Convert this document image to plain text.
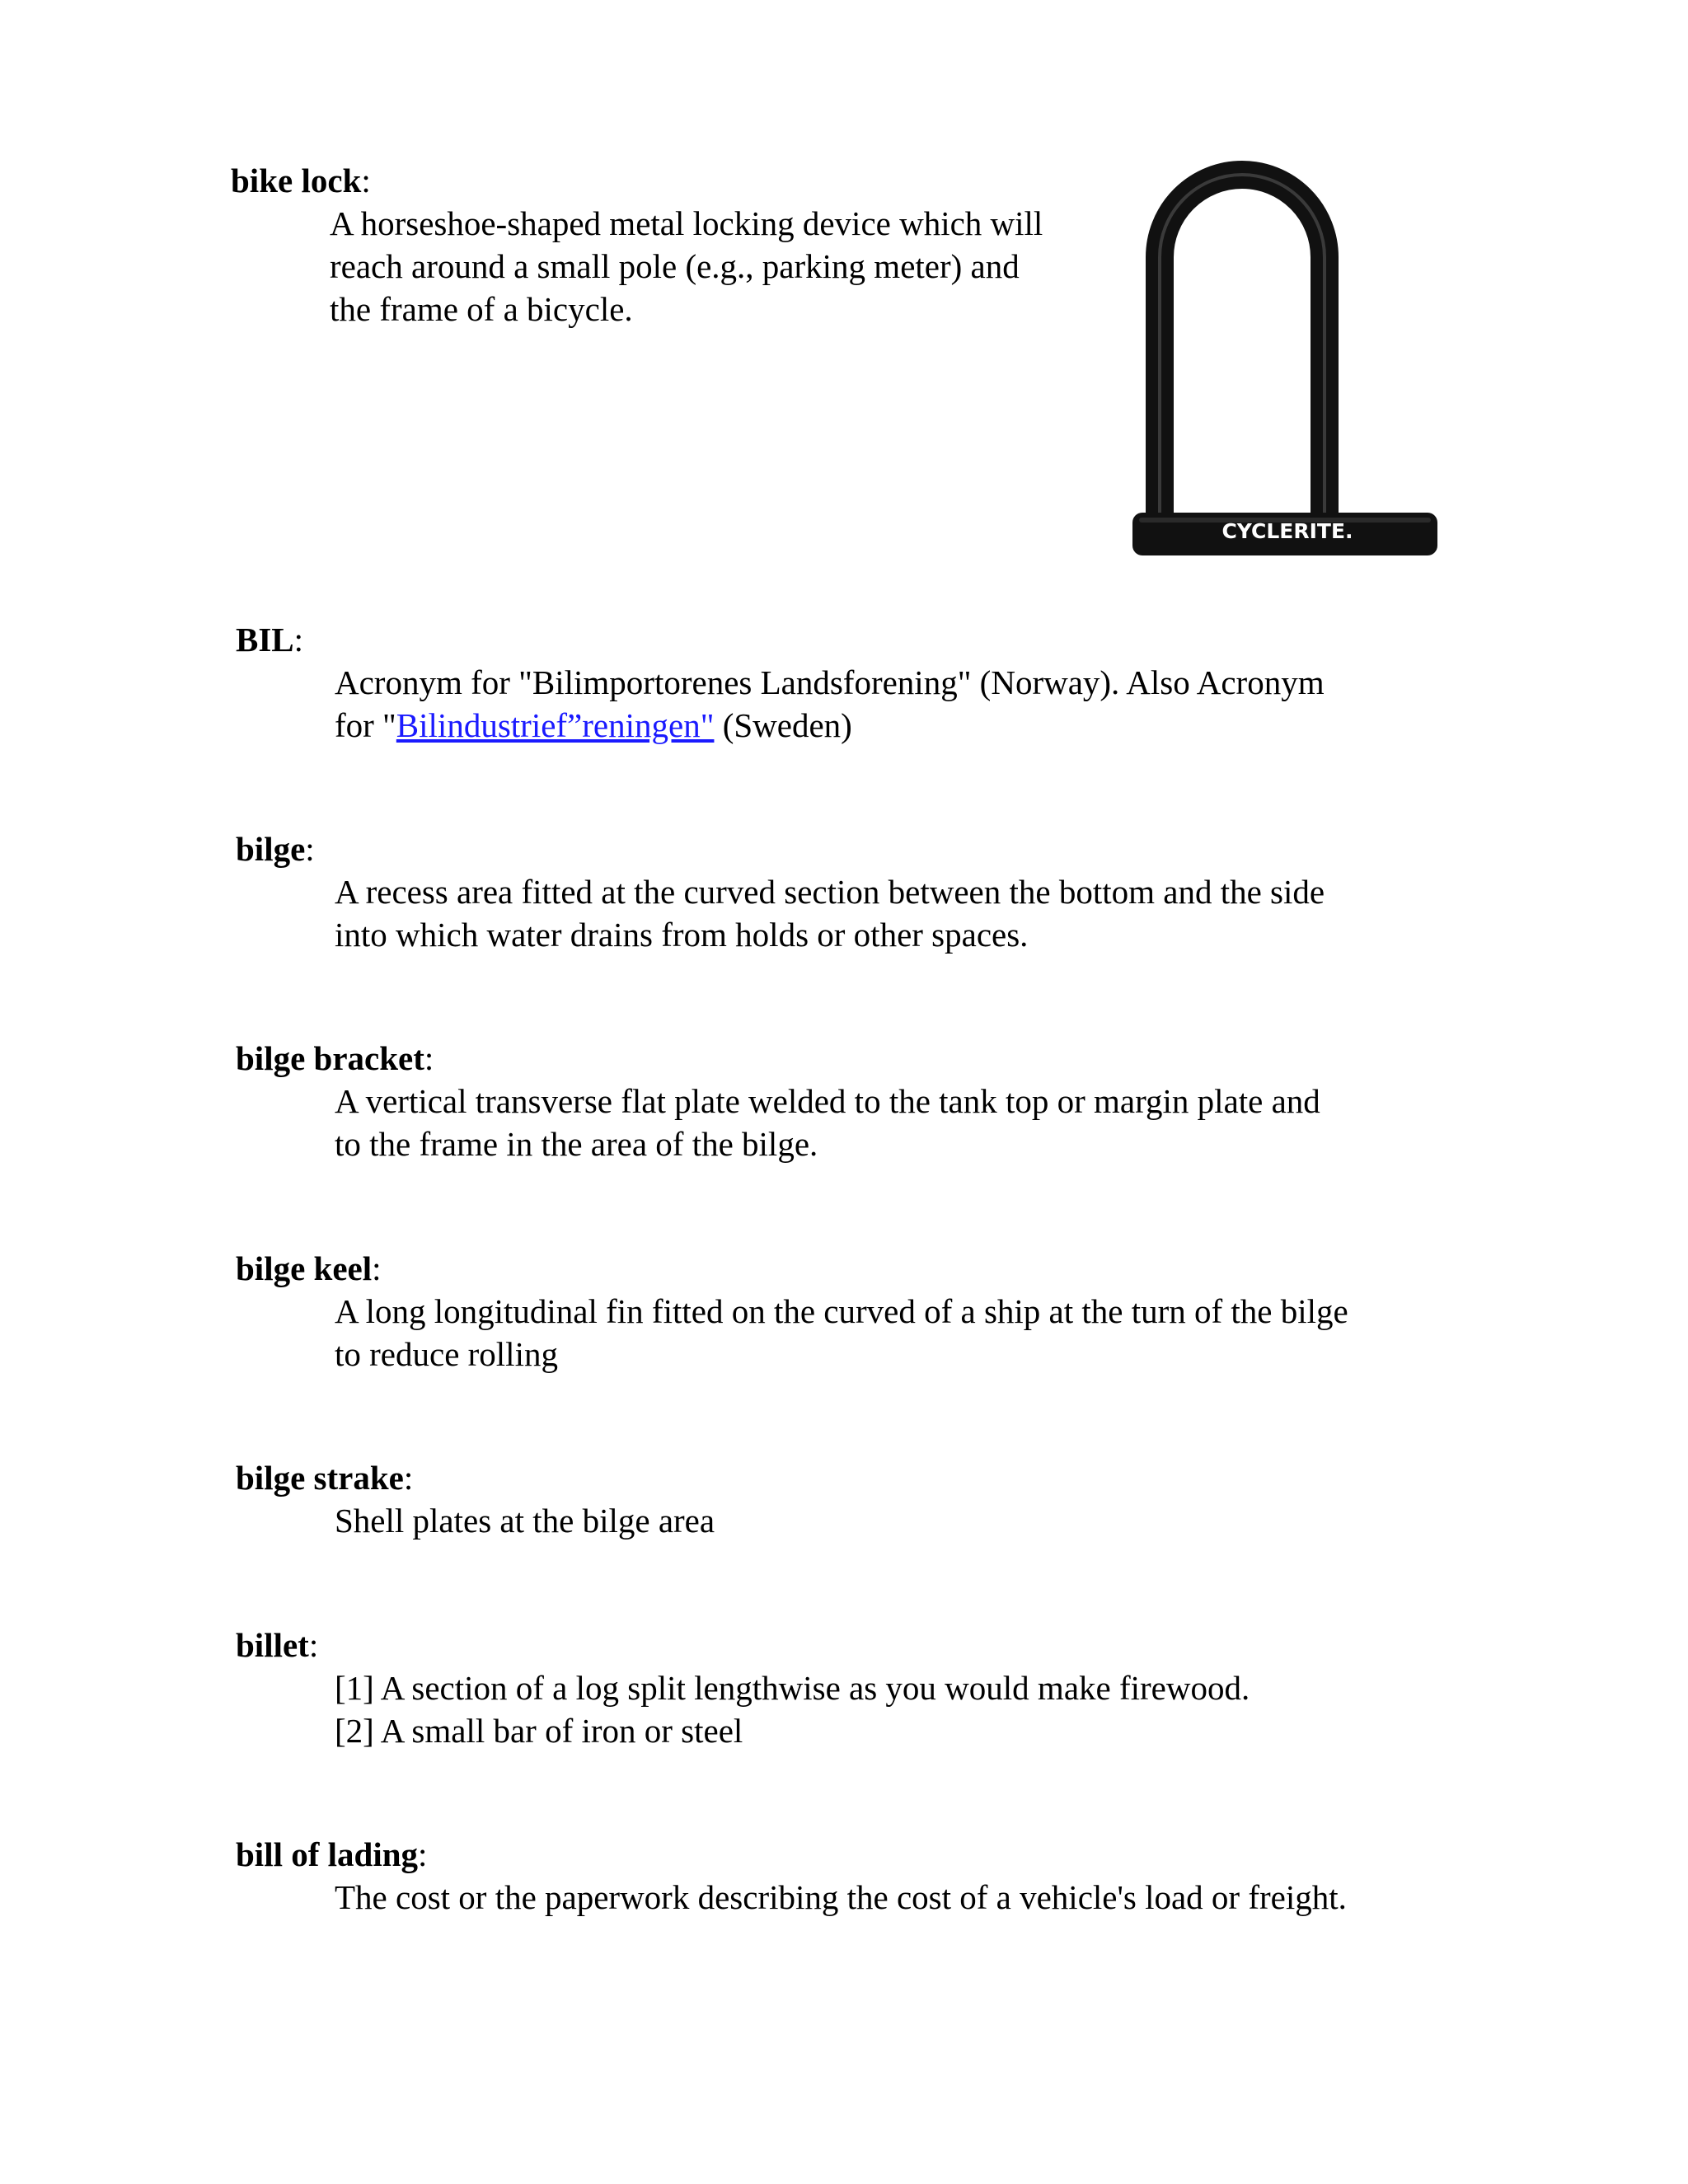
bike lock:
A horseshoe-shaped metal locking device which will
reach around a small pole (e.g., parking meter) and
the frame of a bicycle.
CYCLERITE.
BIL:
Acronym for "Bilimportorenes Landsforening" (Norway). Also Acronym
for "Bilindustrief”reningen" (Sweden)
bilge:
A recess area fitted at the curved section between the bottom and the side
into which water drains from holds or other spaces.
bilge bracket:
A vertical transverse flat plate welded to the tank top or margin plate and
to the frame in the area of the bilge.
bilge keel:
A long longitudinal fin fitted on the curved of a ship at the turn of the bilge
to reduce rolling
bilge strake:
Shell plates at the bilge area
billet:
[1] A section of a log split lengthwise as you would make firewood.
[2] A small bar of iron or steel
bill of lading:
The cost or the paperwork describing the cost of a vehicle's load or freight.
